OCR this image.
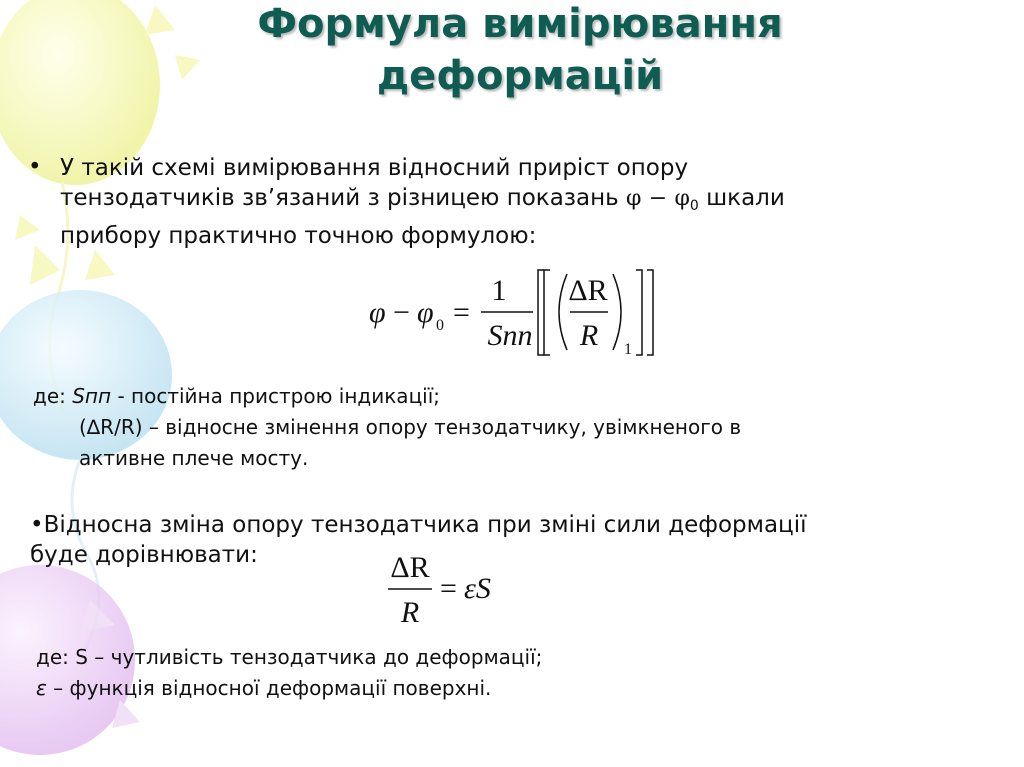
Формула вимірювання
деформацій
• У такій схемі вимірювання відносний приріст опору
тензодатчиків зв’язаний з різницею показань $\varphi - \varphi_0$ шкали
прибору практично точною формулою:

φ − φ 0 =
1
Snn
ΔR
R 1
де: Sпп - постійна пристрою індикації;
(∆R/R) – відносне змінення опору тензодатчику, увімкненого в
активне плече мосту.

•Відносна зміна опору тензодатчика при зміні сили деформації
буде дорівнювати:	ΔR
R
= εS
де: S – чутливість тензодатчика до деформації;
ε – функція відносної деформації поверхні.
